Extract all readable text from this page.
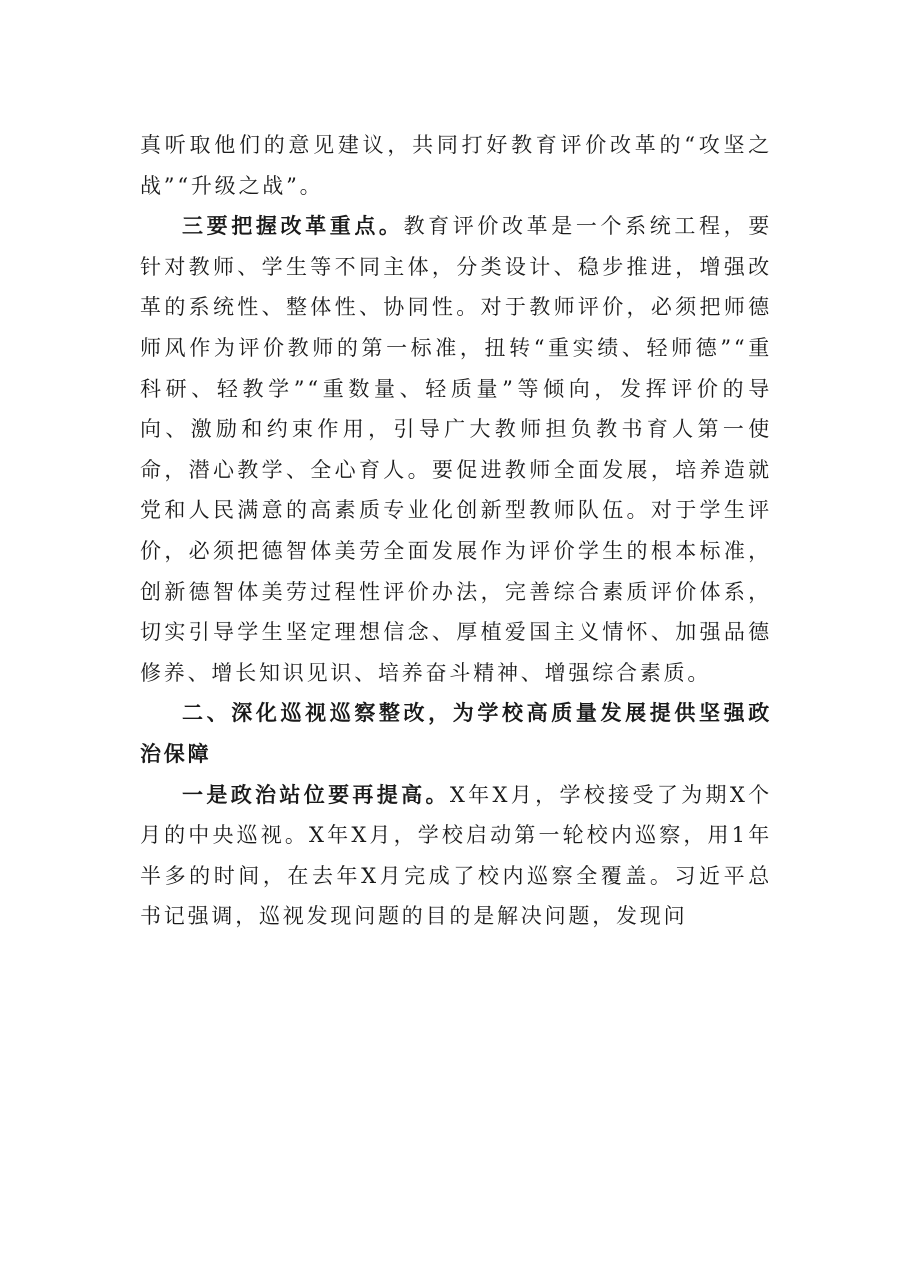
真听取他们的意见建议，共同打好教育评价改革的“攻坚之战”“升级之战”。

三要把握改革重点。教育评价改革是一个系统工程，要针对教师、学生等不同主体，分类设计、稳步推进，增强改革的系统性、整体性、协同性。对于教师评价，必须把师德师风作为评价教师的第一标准，扭转“重实绩、轻师德”“重科研、轻教学”“重数量、轻质量”等倾向，发挥评价的导向、激励和约束作用，引导广大教师担负教书育人第一使命，潜心教学、全心育人。要促进教师全面发展，培养造就党和人民满意的高素质专业化创新型教师队伍。对于学生评价，必须把德智体美劳全面发展作为评价学生的根本标准，创新德智体美劳过程性评价办法，完善综合素质评价体系，切实引导学生坚定理想信念、厚植爱国主义情怀、加强品德修养、增长知识见识、培养奋斗精神、增强综合素质。

二、深化巡视巡察整改，为学校高质量发展提供坚强政治保障

一是政治站位要再提高。X年X月，学校接受了为期X个月的中央巡视。X年X月，学校启动第一轮校内巡察，用1年半多的时间，在去年X月完成了校内巡察全覆盖。习近平总书记强调，巡视发现问题的目的是解决问题，发现问
